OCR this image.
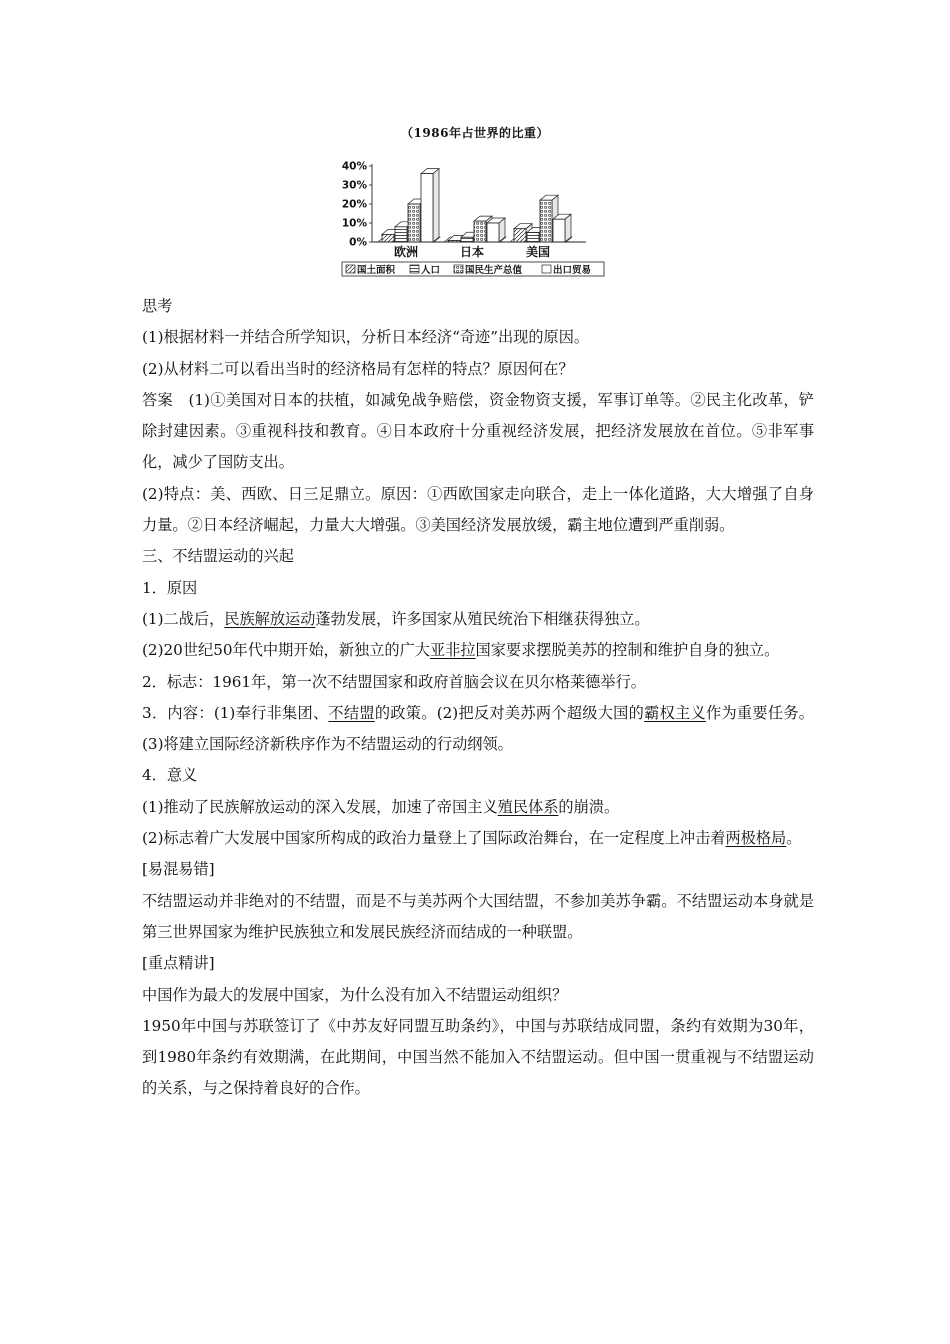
（1986年占世界的比重）
0%
10%
20%
30%
40%
欧洲	日本	美国
国土面积	人口	国民生产总值	出口贸易

思考

(1)根据材料一并结合所学知识，分析日本经济“奇迹”出现的原因。

(2)从材料二可以看出当时的经济格局有怎样的特点？原因何在？

答案　(1)①美国对日本的扶植，如减免战争赔偿，资金物资支援，军事订单等。②民主化改革，铲除封建因素。③重视科技和教育。④日本政府十分重视经济发展，把经济发展放在首位。⑤非军事化，减少了国防支出。

(2)特点：美、西欧、日三足鼎立。原因：①西欧国家走向联合，走上一体化道路，大大增强了自身力量。②日本经济崛起，力量大大增强。③美国经济发展放缓，霸主地位遭到严重削弱。

三、不结盟运动的兴起

1．原因

(1)二战后，民族解放运动蓬勃发展，许多国家从殖民统治下相继获得独立。

(2)20世纪50年代中期开始，新独立的广大亚非拉国家要求摆脱美苏的控制和维护自身的独立。

2．标志：1961年，第一次不结盟国家和政府首脑会议在贝尔格莱德举行。

3．内容：(1)奉行非集团、不结盟的政策。(2)把反对美苏两个超级大国的霸权主义作为重要任务。(3)将建立国际经济新秩序作为不结盟运动的行动纲领。

4．意义

(1)推动了民族解放运动的深入发展，加速了帝国主义殖民体系的崩溃。

(2)标志着广大发展中国家所构成的政治力量登上了国际政治舞台，在一定程度上冲击着两极格局。

[易混易错]

不结盟运动并非绝对的不结盟，而是不与美苏两个大国结盟，不参加美苏争霸。不结盟运动本身就是第三世界国家为维护民族独立和发展民族经济而结成的一种联盟。

[重点精讲]

中国作为最大的发展中国家，为什么没有加入不结盟运动组织？

1950年中国与苏联签订了《中苏友好同盟互助条约》，中国与苏联结成同盟，条约有效期为30年，到1980年条约有效期满，在此期间，中国当然不能加入不结盟运动。但中国一贯重视与不结盟运动的关系，与之保持着良好的合作。
